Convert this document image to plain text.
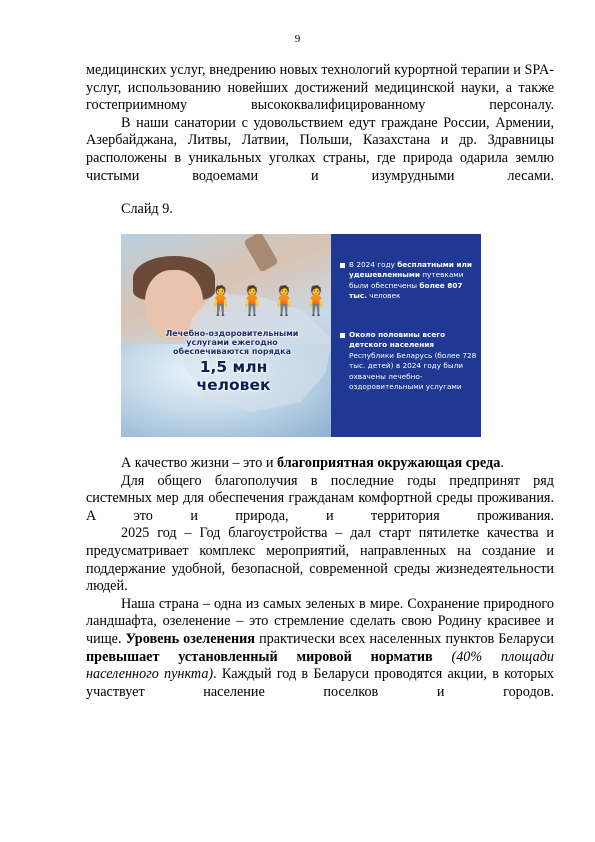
9

медицинских услуг, внедрению новых технологий курортной терапии и SPA-услуг, использованию новейших достижений медицинской науки, а также гостеприимному высококвалифицированному персоналу.

В наши санатории с удовольствием едут граждане России, Армении, Азербайджана, Литвы, Латвии, Польши, Казахстана и др. Здравницы расположены в уникальных уголках страны, где природа одарила землю чистыми водоемами и изумрудными лесами.

Слайд 9.
🧍🧍🧍🧍
Лечебно-оздоровительными услугами ежегодно обеспечиваются порядка
1,5 млн человек
В 2024 году бесплатными или удешевленными путевками были обеспечены более 807 тыс. человек
Около половины всего детского населения Республики Беларусь (более 728 тыс. детей) в 2024 году были охвачены лечебно-оздоровительными услугами

А качество жизни – это и благоприятная окружающая среда.

Для общего благополучия в последние годы предпринят ряд системных мер для обеспечения гражданам комфортной среды проживания. А это и природа, и территория проживания.

2025 год – Год благоустройства – дал старт пятилетке качества и предусматривает комплекс мероприятий, направленных на создание и поддержание удобной, безопасной, современной среды жизнедеятельности людей.

Наша страна – одна из самых зеленых в мире. Сохранение природного ландшафта, озеленение – это стремление сделать свою Родину красивее и чище. Уровень озеленения практически всех населенных пунктов Беларуси превышает установленный мировой норматив (40% площади населенного пункта). Каждый год в Беларуси проводятся акции, в которых участвует население поселков и городов.
